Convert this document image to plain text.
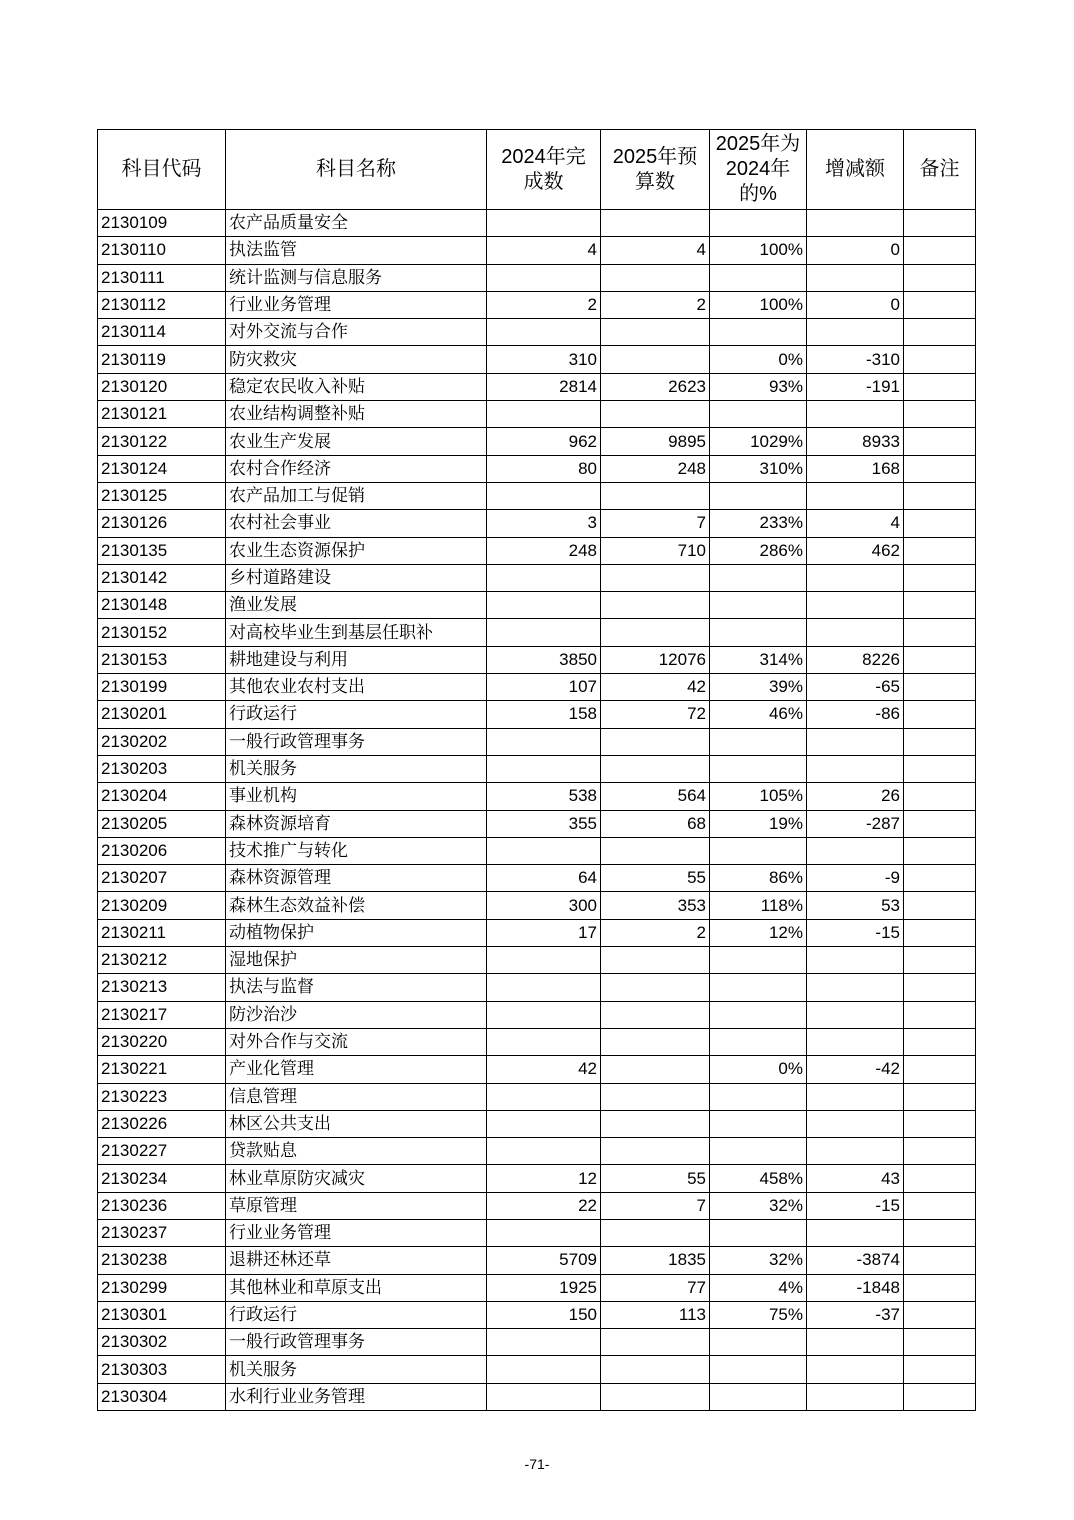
科目代码	科目名称	2024年完成数	2025年预算数	2025年为2024年的%	增减额	备注
2130109	农产品质量安全					
2130110	执法监管	4	4	100%	0	
2130111	统计监测与信息服务					
2130112	行业业务管理	2	2	100%	0	
2130114	对外交流与合作					
2130119	防灾救灾	310		0%	-310	
2130120	稳定农民收入补贴	2814	2623	93%	-191	
2130121	农业结构调整补贴					
2130122	农业生产发展	962	9895	1029%	8933	
2130124	农村合作经济	80	248	310%	168	
2130125	农产品加工与促销					
2130126	农村社会事业	3	7	233%	4	
2130135	农业生态资源保护	248	710	286%	462	
2130142	乡村道路建设					
2130148	渔业发展					
2130152	对高校毕业生到基层任职补					
2130153	耕地建设与利用	3850	12076	314%	8226	
2130199	其他农业农村支出	107	42	39%	-65	
2130201	行政运行	158	72	46%	-86	
2130202	一般行政管理事务					
2130203	机关服务					
2130204	事业机构	538	564	105%	26	
2130205	森林资源培育	355	68	19%	-287	
2130206	技术推广与转化					
2130207	森林资源管理	64	55	86%	-9	
2130209	森林生态效益补偿	300	353	118%	53	
2130211	动植物保护	17	2	12%	-15	
2130212	湿地保护					
2130213	执法与监督					
2130217	防沙治沙					
2130220	对外合作与交流					
2130221	产业化管理	42		0%	-42	
2130223	信息管理					
2130226	林区公共支出					
2130227	贷款贴息					
2130234	林业草原防灾减灾	12	55	458%	43	
2130236	草原管理	22	7	32%	-15	
2130237	行业业务管理					
2130238	退耕还林还草	5709	1835	32%	-3874	
2130299	其他林业和草原支出	1925	77	4%	-1848	
2130301	行政运行	150	113	75%	-37	
2130302	一般行政管理事务					
2130303	机关服务					
2130304	水利行业业务管理					
-71-
